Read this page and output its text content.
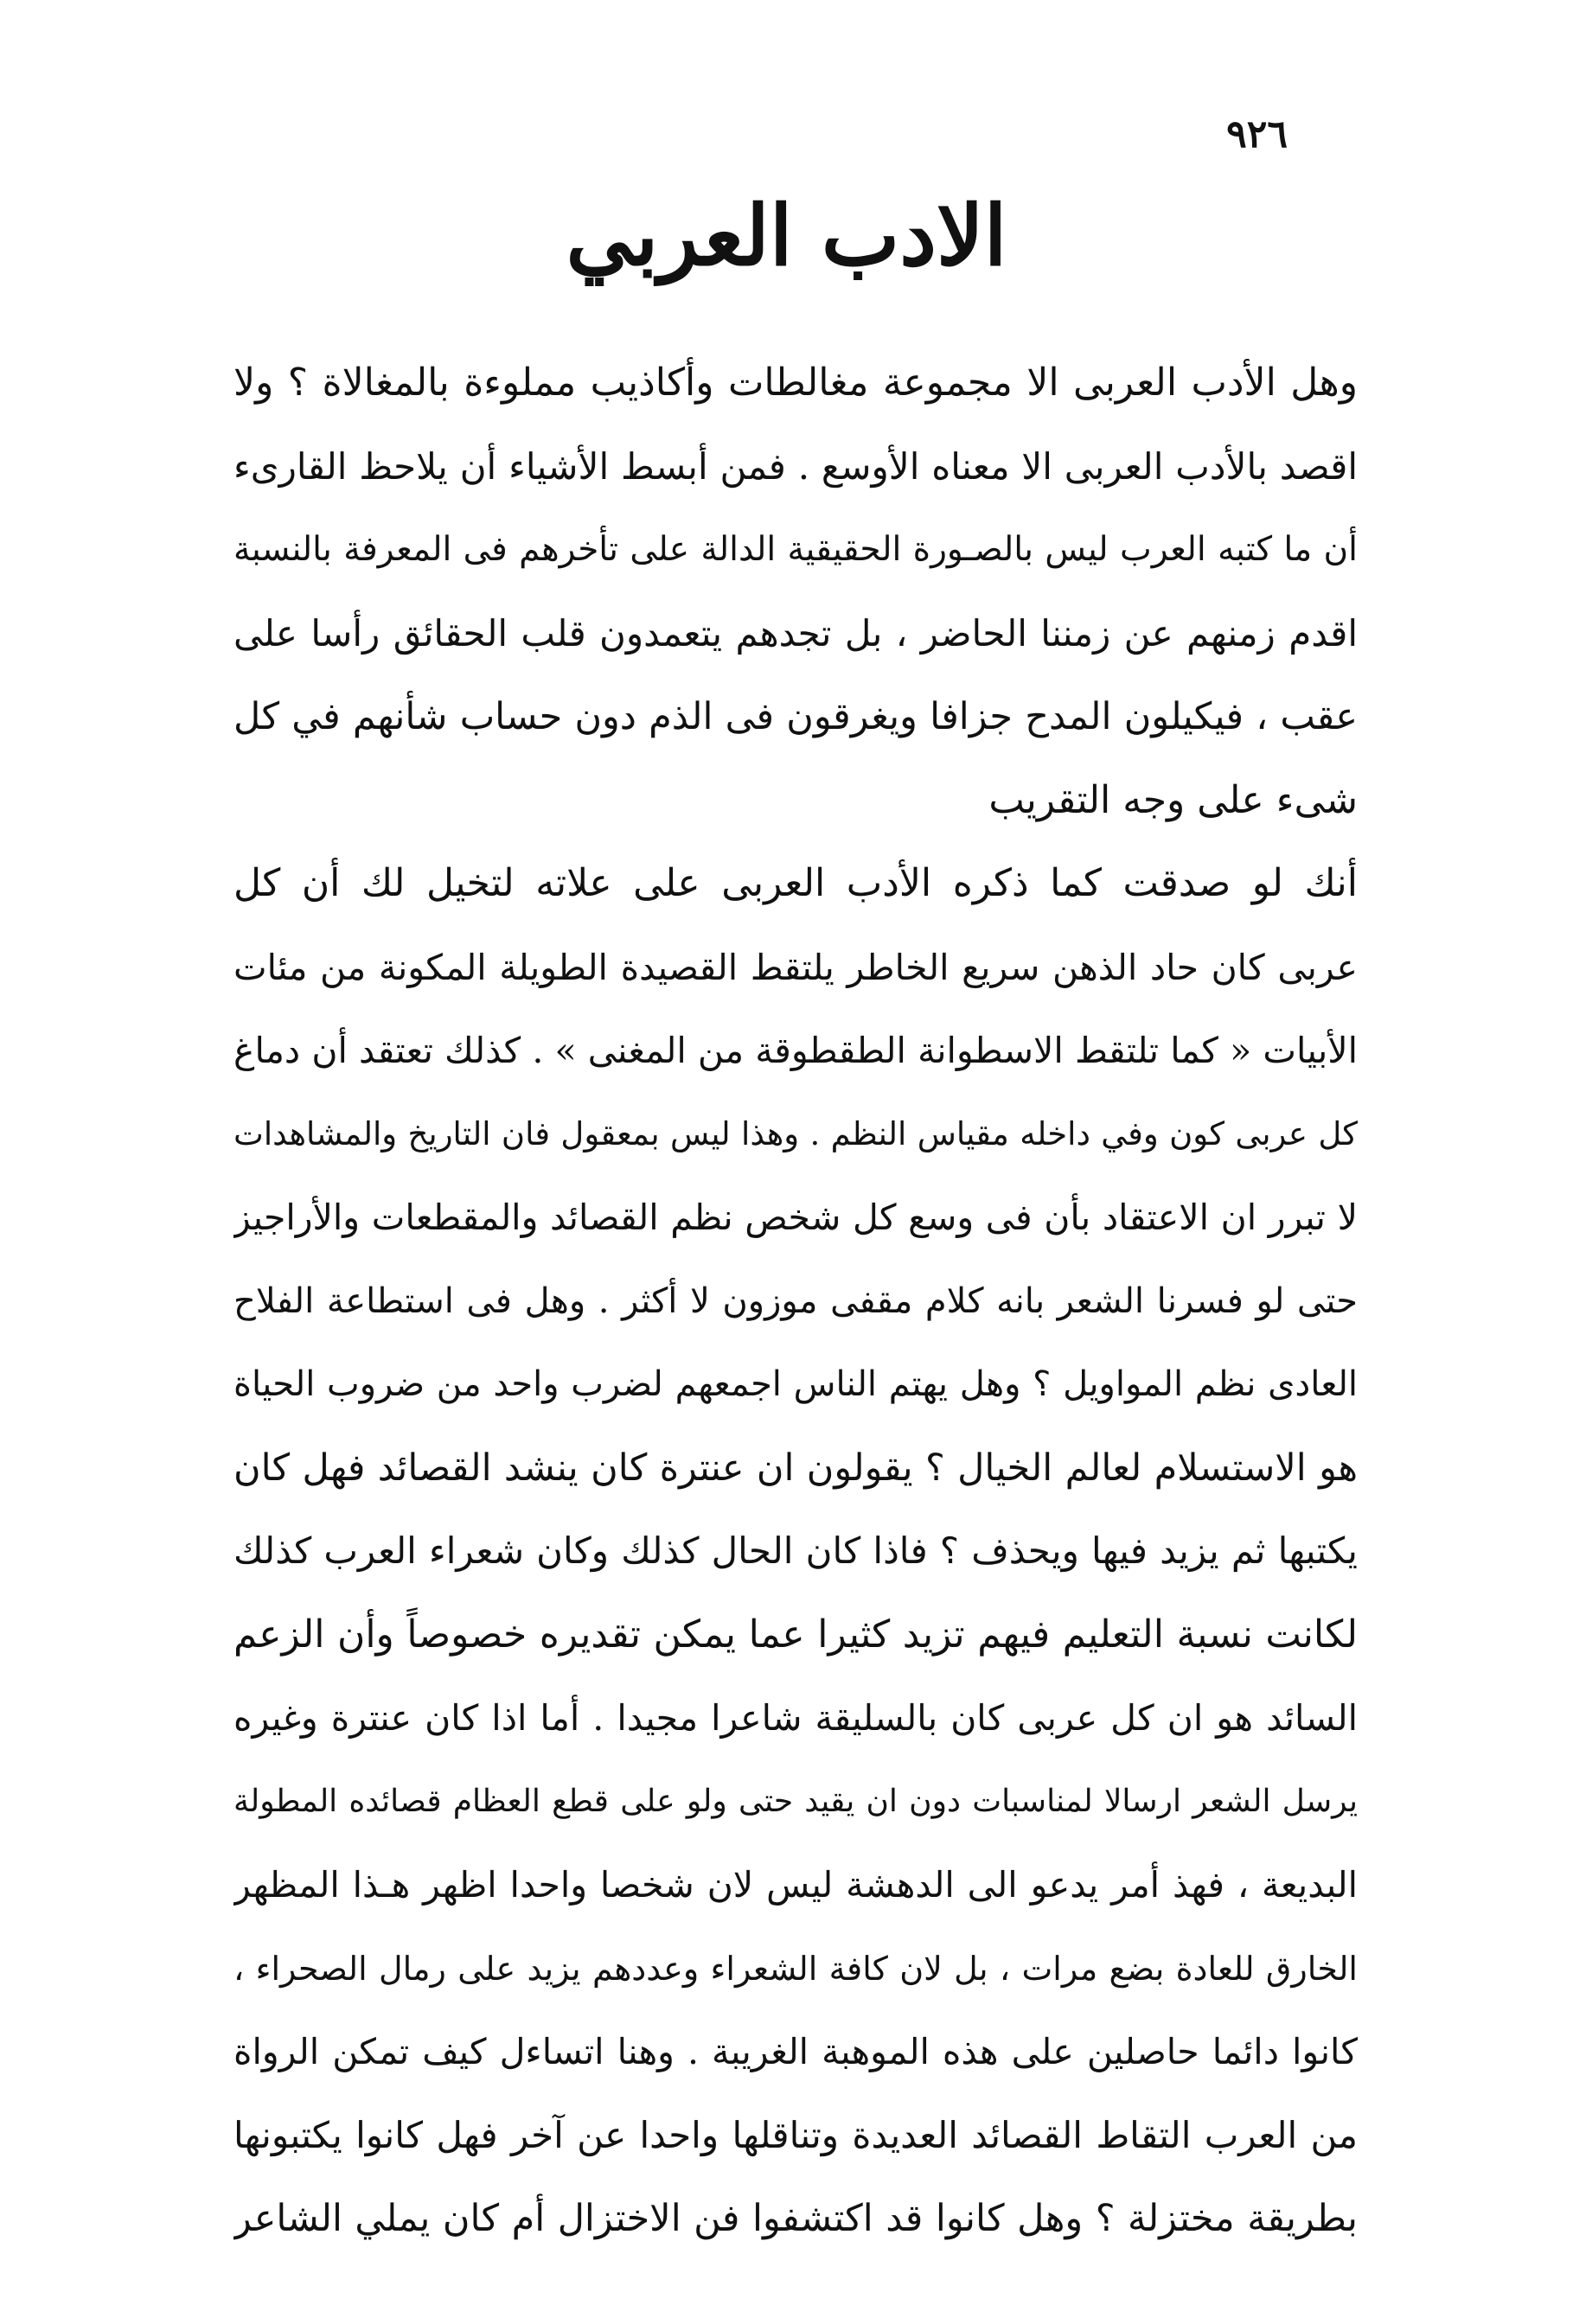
٩٢٦
الادب العربي
وهل الأدب العربى الا مجموعة مغالطات وأكاذيب مملوءة بالمغالاة ؟ ولا
اقصد بالأدب العربى الا معناه الأوسع . فمن أبسط الأشياء أن يلاحظ القارىء
أن ما كتبه العرب ليس بالصـورة الحقيقية الدالة على تأخرهم فى المعرفة بالنسبة
اقدم زمنهم عن زمننا الحاضر ، بل تجدهم يتعمدون قلب الحقائق رأسا على
عقب ، فيكيلون المدح جزافا ويغرقون فى الذم دون حساب شأنهم في كل
شىء على وجه التقريب
أنك لو صدقت كما ذكره الأدب العربى على علاته لتخيل لك أن كل
عربى كان حاد الذهن سريع الخاطر يلتقط القصيدة الطويلة المكونة من مئات
الأبيات « كما تلتقط الاسطوانة الطقطوقة من المغنى » . كذلك تعتقد أن دماغ
كل عربى كون وفي داخله مقياس النظم . وهذا ليس بمعقول فان التاريخ والمشاهدات
لا تبرر ان الاعتقاد بأن فى وسع كل شخص نظم القصائد والمقطعات والأراجيز
حتى لو فسرنا الشعر بانه كلام مقفى موزون لا أكثر . وهل فى استطاعة الفلاح
العادى نظم المواويل ؟ وهل يهتم الناس اجمعهم لضرب واحد من ضروب الحياة
هو الاستسلام لعالم الخيال ؟ يقولون ان عنترة كان ينشد القصائد فهل كان
يكتبها ثم يزيد فيها ويحذف ؟ فاذا كان الحال كذلك وكان شعراء العرب كذلك
لكانت نسبة التعليم فيهم تزيد كثيرا عما يمكن تقديره خصوصاً وأن الزعم
السائد هو ان كل عربى كان بالسليقة شاعرا مجيدا . أما اذا كان عنترة وغيره
يرسل الشعر ارسالا لمناسبات دون ان يقيد حتى ولو على قطع العظام قصائده المطولة
البديعة ، فهذ أمر يدعو الى الدهشة ليس لان شخصا واحدا اظهر هـذا المظهر
الخارق للعادة بضع مرات ، بل لان كافة الشعراء وعددهم يزيد على رمال الصحراء ،
كانوا دائما حاصلين على هذه الموهبة الغريبة . وهنا اتساءل كيف تمكن الرواة
من العرب التقاط القصائد العديدة وتناقلها واحدا عن آخر فهل كانوا يكتبونها
بطريقة مختزلة ؟ وهل كانوا قد اكتشفوا فن الاختزال أم كان يملي الشاعر
